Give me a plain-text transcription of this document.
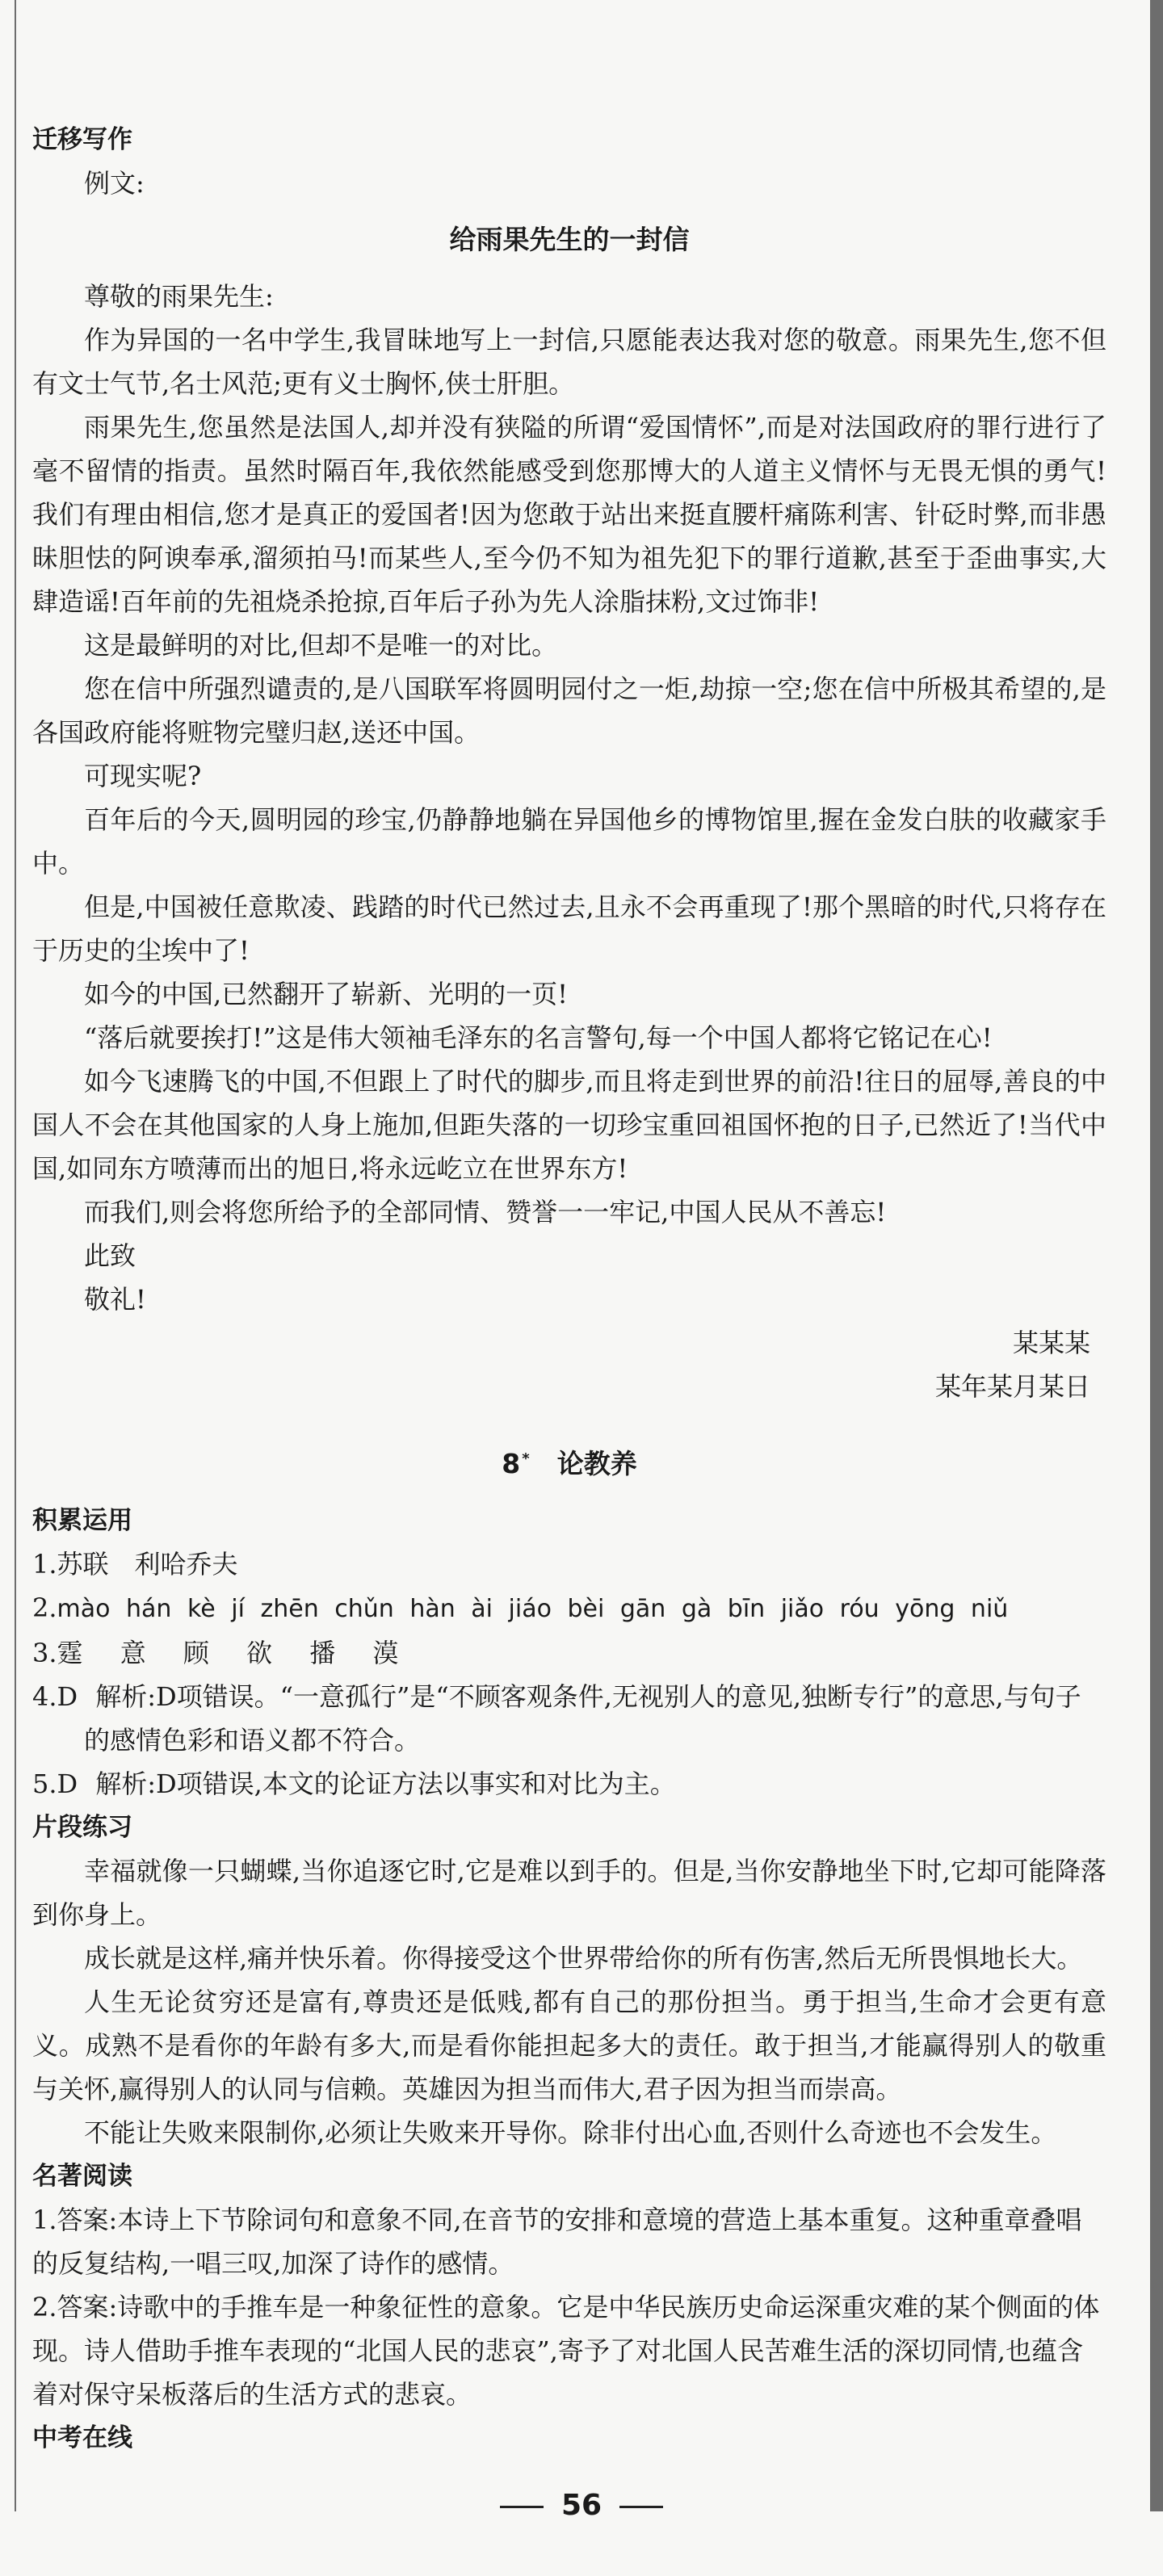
迁移写作
例文:
给雨果先生的一封信
尊敬的雨果先生:
作为异国的一名中学生,我冒昧地写上一封信,只愿能表达我对您的敬意。雨果先生,您不但有文士气节,名士风范;更有义士胸怀,侠士肝胆。
雨果先生,您虽然是法国人,却并没有狭隘的所谓“爱国情怀”,而是对法国政府的罪行进行了毫不留情的指责。虽然时隔百年,我依然能感受到您那博大的人道主义情怀与无畏无惧的勇气!我们有理由相信,您才是真正的爱国者!因为您敢于站出来挺直腰杆痛陈利害、针砭时弊,而非愚昧胆怯的阿谀奉承,溜须拍马!而某些人,至今仍不知为祖先犯下的罪行道歉,甚至于歪曲事实,大肆造谣!百年前的先祖烧杀抢掠,百年后子孙为先人涂脂抹粉,文过饰非!
这是最鲜明的对比,但却不是唯一的对比。
您在信中所强烈谴责的,是八国联军将圆明园付之一炬,劫掠一空;您在信中所极其希望的,是各国政府能将赃物完璧归赵,送还中国。
可现实呢?
百年后的今天,圆明园的珍宝,仍静静地躺在异国他乡的博物馆里,握在金发白肤的收藏家手中。
但是,中国被任意欺凌、践踏的时代已然过去,且永不会再重现了!那个黑暗的时代,只将存在于历史的尘埃中了!
如今的中国,已然翻开了崭新、光明的一页!
“落后就要挨打!”这是伟大领袖毛泽东的名言警句,每一个中国人都将它铭记在心!
如今飞速腾飞的中国,不但跟上了时代的脚步,而且将走到世界的前沿!往日的屈辱,善良的中国人不会在其他国家的人身上施加,但距失落的一切珍宝重回祖国怀抱的日子,已然近了!当代中国,如同东方喷薄而出的旭日,将永远屹立在世界东方!
而我们,则会将您所给予的全部同情、赞誉一一牢记,中国人民从不善忘!
此致
敬礼!
某某某
某年某月某日
8 * 论教养
积累运用
1.苏联　利哈乔夫
2.mào hán kè jí zhēn chǔn hàn ài jiáo bèi gān gà bīn jiǎo róu yōng niǔ
3.霆 意 顾 欲 播 漠
4.D 解析:D项错误。“一意孤行”是“不顾客观条件,无视别人的意见,独断专行”的意思,与句子的感情色彩和语义都不符合。
5.D 解析:D项错误,本文的论证方法以事实和对比为主。
片段练习
幸福就像一只蝴蝶,当你追逐它时,它是难以到手的。但是,当你安静地坐下时,它却可能降落到你身上。
成长就是这样,痛并快乐着。你得接受这个世界带给你的所有伤害,然后无所畏惧地长大。
人生无论贫穷还是富有,尊贵还是低贱,都有自己的那份担当。勇于担当,生命才会更有意义。成熟不是看你的年龄有多大,而是看你能担起多大的责任。敢于担当,才能赢得别人的敬重与关怀,赢得别人的认同与信赖。英雄因为担当而伟大,君子因为担当而崇高。
不能让失败来限制你,必须让失败来开导你。除非付出心血,否则什么奇迹也不会发生。
名著阅读
1.答案:本诗上下节除词句和意象不同,在音节的安排和意境的营造上基本重复。这种重章叠唱的反复结构,一唱三叹,加深了诗作的感情。
2.答案:诗歌中的手推车是一种象征性的意象。它是中华民族历史命运深重灾难的某个侧面的体现。诗人借助手推车表现的“北国人民的悲哀”,寄予了对北国人民苦难生活的深切同情,也蕴含着对保守呆板落后的生活方式的悲哀。
中考在线
56
